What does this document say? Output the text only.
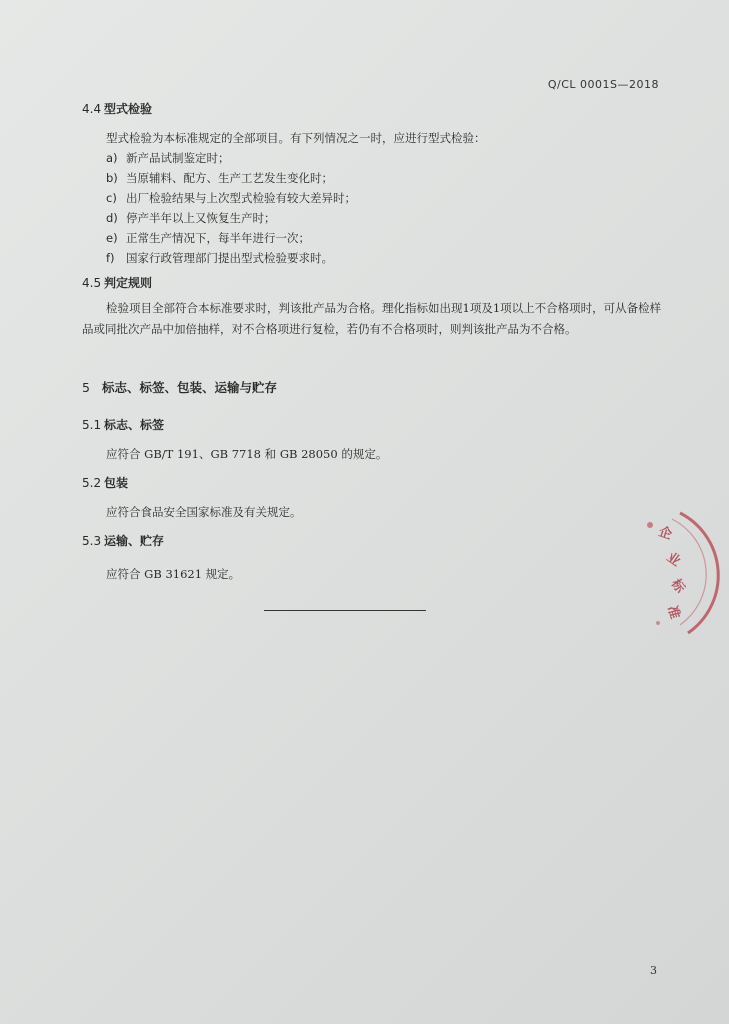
Q/CL 0001S—2018
4.4 型式检验
型式检验为本标准规定的全部项目。有下列情况之一时，应进行型式检验：
a) 新产品试制鉴定时；
b) 当原辅料、配方、生产工艺发生变化时；
c) 出厂检验结果与上次型式检验有较大差异时；
d) 停产半年以上又恢复生产时；
e) 正常生产情况下，每半年进行一次；
f) 国家行政管理部门提出型式检验要求时。
4.5 判定规则
检验项目全部符合本标准要求时，判该批产品为合格。理化指标如出现1项及1项以上不合格项时，可从备检样品或同批次产品中加倍抽样，对不合格项进行复检，若仍有不合格项时，则判该批产品为不合格。
5 标志、标签、包装、运输与贮存
5.1 标志、标签
应符合 GB/T 191、GB 7718 和 GB 28050 的规定。
5.2 包装
应符合食品安全国家标准及有关规定。
5.3 运输、贮存
应符合 GB 31621 规定。
企
业
标
准
3
